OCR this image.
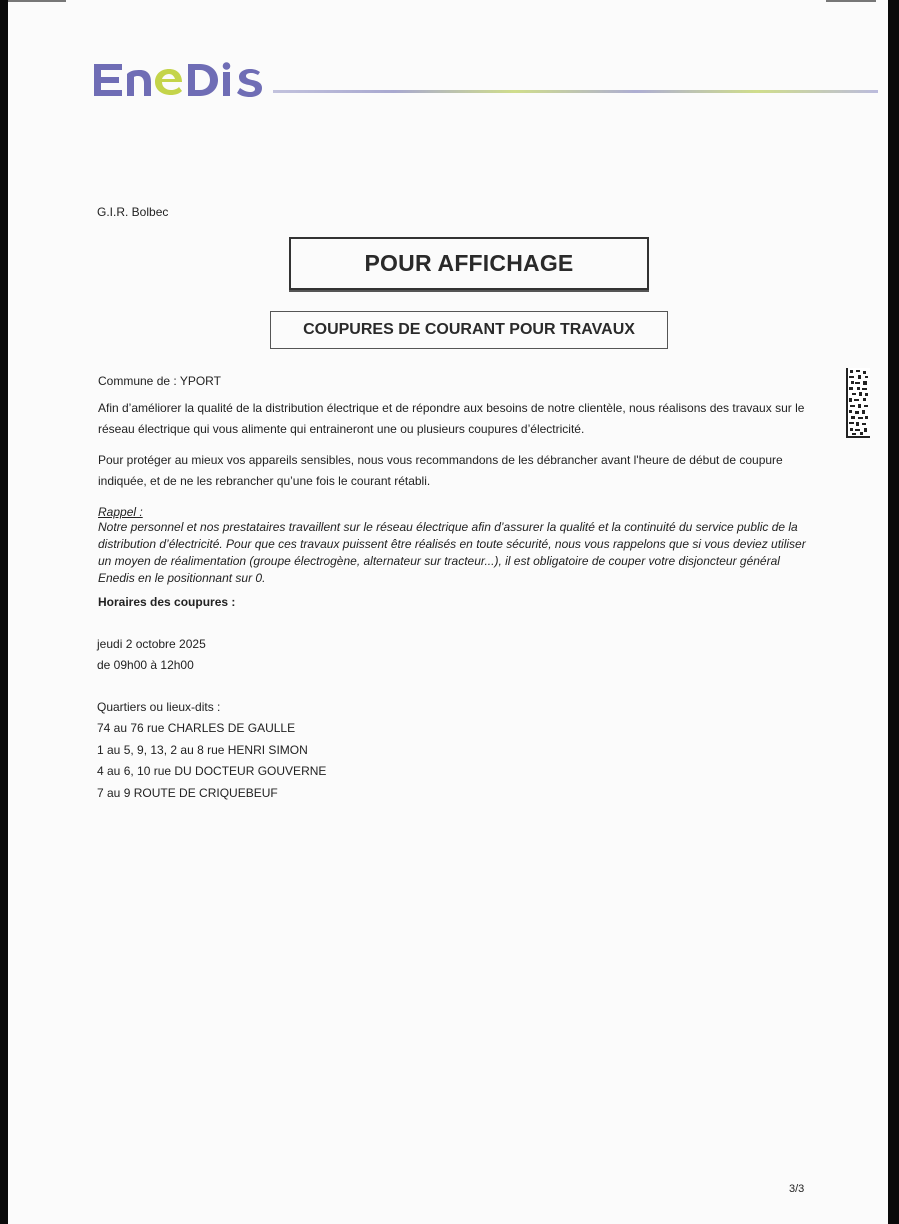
G.I.R. Bolbec
POUR AFFICHAGE
COUPURES DE COURANT POUR TRAVAUX
Commune de : YPORT
Afin d’améliorer la qualité de la distribution électrique et de répondre aux besoins de notre clientèle, nous réalisons des travaux sur le réseau électrique qui vous alimente qui entraineront une ou plusieurs coupures d’électricité.
Pour protéger au mieux vos appareils sensibles, nous vous recommandons de les débrancher avant l'heure de début de coupure indiquée, et de ne les rebrancher qu’une fois le courant rétabli.
Rappel :
Notre personnel et nos prestataires travaillent sur le réseau électrique afin d’assurer la qualité et la continuité du service public de la distribution d’électricité. Pour que ces travaux puissent être réalisés en toute sécurité, nous vous rappelons que si vous deviez utiliser un moyen de réalimentation (groupe électrogène, alternateur sur tracteur...), il est obligatoire de couper votre disjoncteur général Enedis en le positionnant sur 0.
Horaires des coupures :
jeudi 2 octobre 2025
de 09h00 à 12h00
Quartiers ou lieux-dits :
74 au 76 rue CHARLES DE GAULLE
1 au 5, 9, 13, 2 au 8 rue HENRI SIMON
4 au 6, 10 rue DU DOCTEUR GOUVERNE
7 au 9 ROUTE DE CRIQUEBEUF
3/3
